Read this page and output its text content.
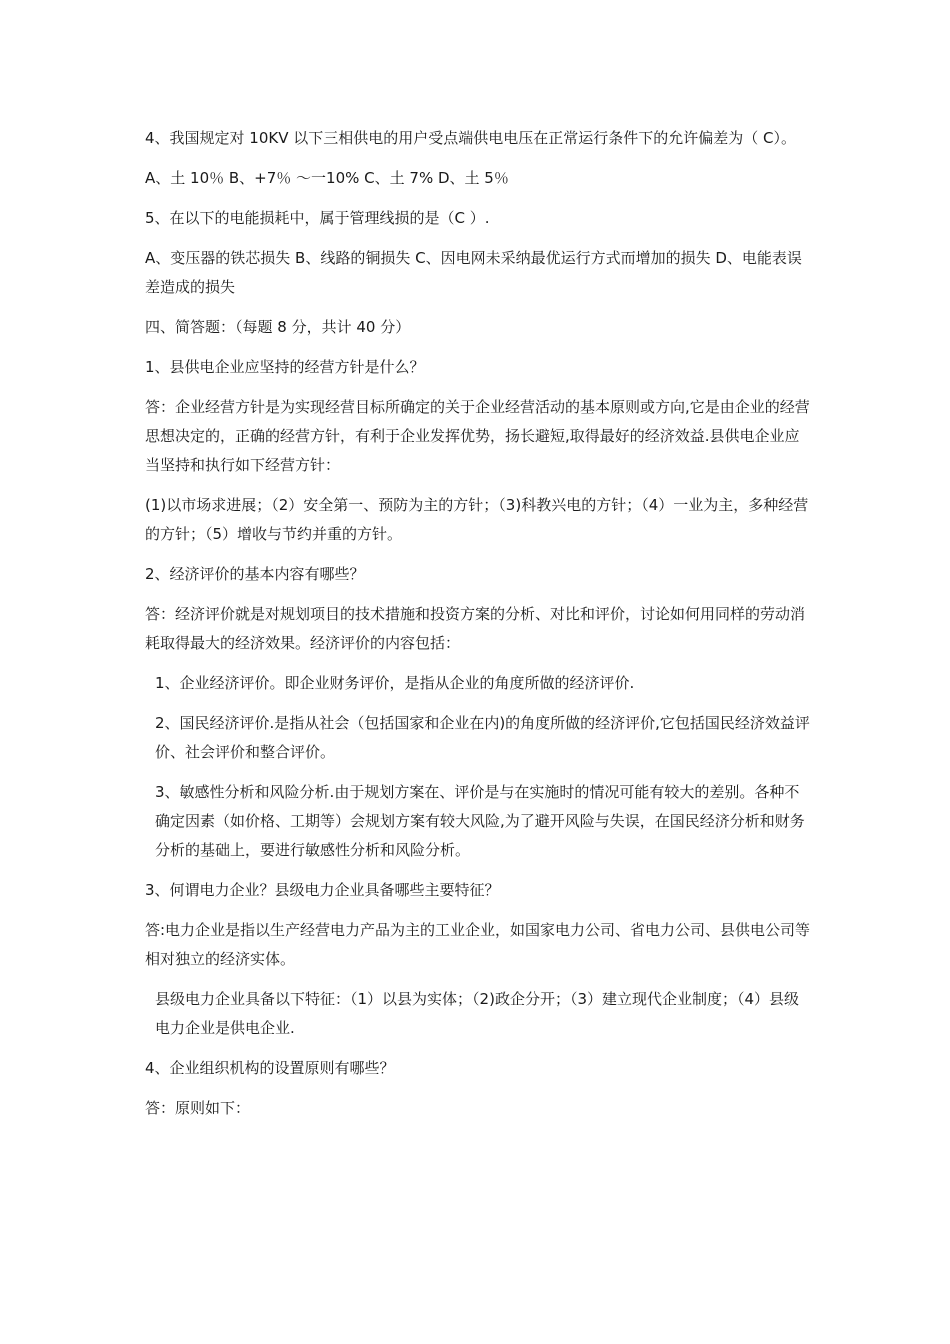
4、我国规定对 10KV 以下三相供电的用户受点端供电电压在正常运行条件下的允许偏差为（ C）。

A、土 10％ B、+7％ ～一10% C、土 7% D、土 5％

5、在以下的电能损耗中，属于管理线损的是（C ）.

A、变压器的铁芯损失 B、线路的铜损失 C、因电网未采纳最优运行方式而增加的损失 D、电能表误差造成的损失

四、简答题：（每题 8 分，共计 40 分）

1、县供电企业应坚持的经营方针是什么？

答：企业经营方针是为实现经营目标所确定的关于企业经营活动的基本原则或方向,它是由企业的经营思想决定的，正确的经营方针，有利于企业发挥优势，扬长避短,取得最好的经济效益.县供电企业应当坚持和执行如下经营方针：

(1)以市场求进展；（2）安全第一、预防为主的方针；（3)科教兴电的方针；（4）一业为主，多种经营的方针；（5）增收与节约并重的方针。

2、经济评价的基本内容有哪些？

答：经济评价就是对规划项目的技术措施和投资方案的分析、对比和评价，讨论如何用同样的劳动消耗取得最大的经济效果。经济评价的内容包括：

1、企业经济评价。即企业财务评价，是指从企业的角度所做的经济评价.

2、国民经济评价.是指从社会（包括国家和企业在内)的角度所做的经济评价,它包括国民经济效益评价、社会评价和整合评价。

3、敏感性分析和风险分析.由于规划方案在、评价是与在实施时的情况可能有较大的差别。各种不确定因素（如价格、工期等）会规划方案有较大风险,为了避开风险与失误，在国民经济分析和财务分析的基础上，要进行敏感性分析和风险分析。

3、何谓电力企业？县级电力企业具备哪些主要特征？

答:电力企业是指以生产经营电力产品为主的工业企业，如国家电力公司、省电力公司、县供电公司等相对独立的经济实体。

县级电力企业具备以下特征：（1）以县为实体；（2)政企分开；（3）建立现代企业制度；（4）县级电力企业是供电企业.

4、企业组织机构的设置原则有哪些？

答：原则如下：
